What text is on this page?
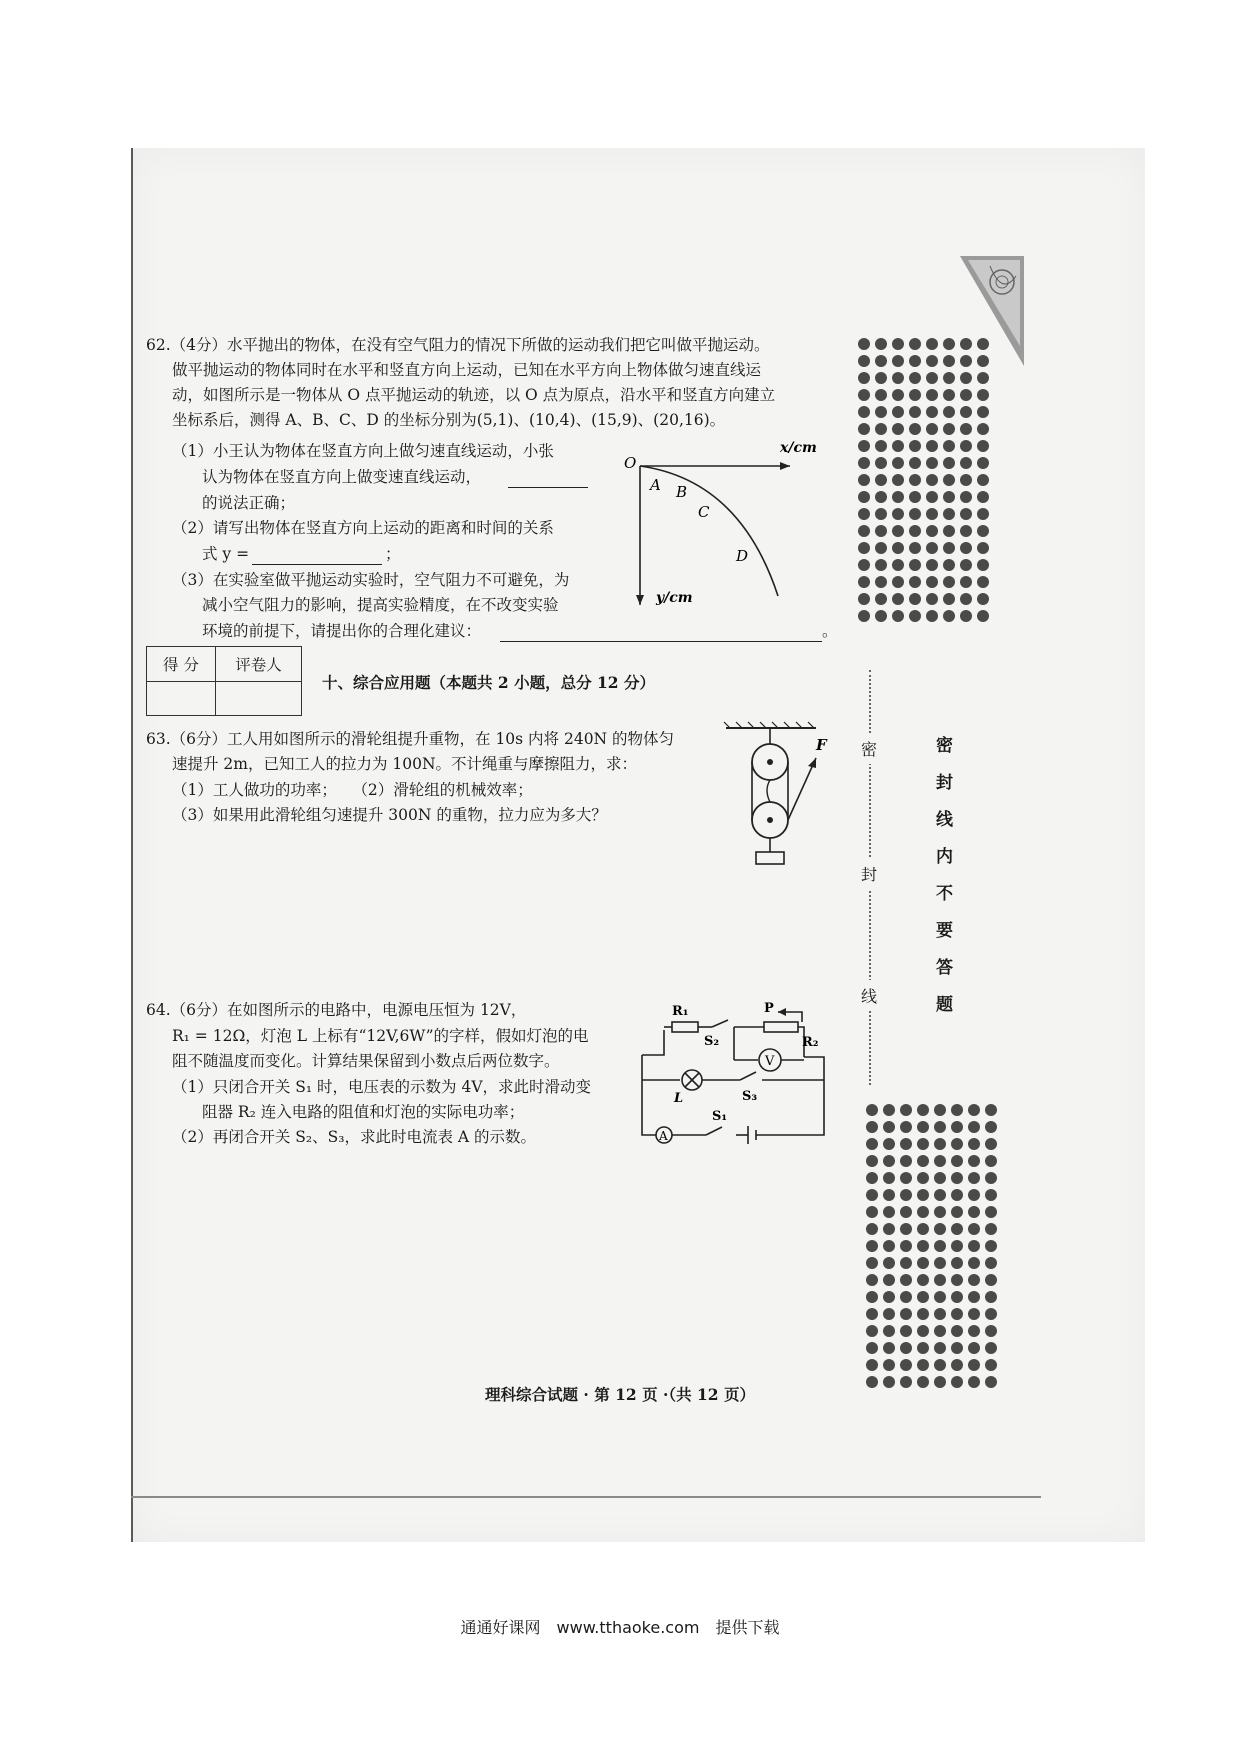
62.（4分）水平抛出的物体，在没有空气阻力的情况下所做的运动我们把它叫做平抛运动。
做平抛运动的物体同时在水平和竖直方向上运动，已知在水平方向上物体做匀速直线运
动，如图所示是一物体从 O 点平抛运动的轨迹，以 O 点为原点，沿水平和竖直方向建立
坐标系后，测得 A、B、C、D 的坐标分别为(5,1)、(10,4)、(15,9)、(20,16)。
（1）小王认为物体在竖直方向上做匀速直线运动，小张
认为物体在竖直方向上做变速直线运动，
的说法正确；
（2）请写出物体在竖直方向上运动的距离和时间的关系
式 y =	；
（3）在实验室做平抛运动实验时，空气阻力不可避免，为
减小空气阻力的影响，提高实验精度，在不改变实验
环境的前提下，请提出你的合理化建议：	。
O
x/cm
y/cm
A B
C
D
得 分	评卷人

十、综合应用题（本题共 2 小题，总分 12 分）
63.（6分）工人用如图所示的滑轮组提升重物，在 10s 内将 240N 的物体匀
速提升 2m，已知工人的拉力为 100N。不计绳重与摩擦阻力，求：
（1）工人做功的功率；　　（2）滑轮组的机械效率；
（3）如果用此滑轮组匀速提升 300N 的重物，拉力应为多大？
F
64.（6分）在如图所示的电路中，电源电压恒为 12V，
R₁ = 12Ω，灯泡 L 上标有“12V,6W”的字样，假如灯泡的电
阻不随温度而变化。计算结果保留到小数点后两位数字。
（1）只闭合开关 S₁ 时，电压表的示数为 4V，求此时滑动变
阻器 R₂ 连入电路的阻值和灯泡的实际电功率；
（2）再闭合开关 S₂、S₃，求此时电流表 A 的示数。
R₁
S₂
P
R₂
V
L	S₃
S₁
A
理科综合试题 · 第 12 页 ·（共 12 页）
密
封
线
密
封
线
内
不
要
答
题
通通好课网　www.tthaoke.com　提供下载
